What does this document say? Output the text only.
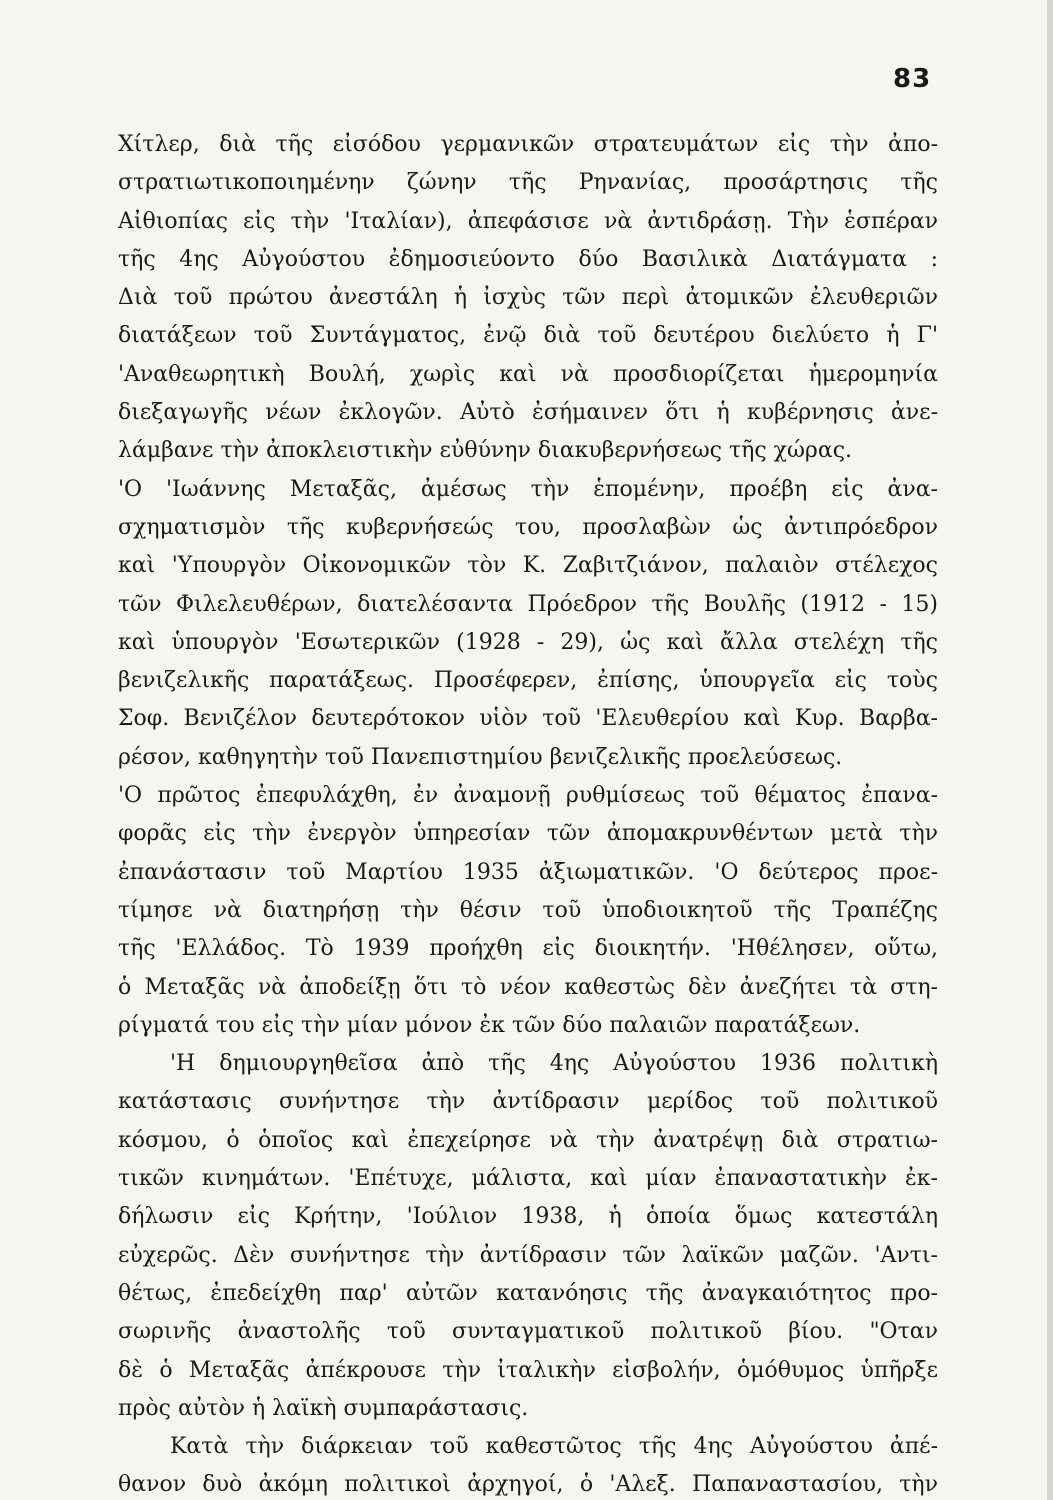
83
Χίτλερ, διὰ τῆς εἰσόδου γερμανικῶν στρατευμάτων εἰς τὴν ἀπο-
στρατιωτικοποιημένην ζώνην τῆς Ρηνανίας, προσάρτησις τῆς
Αἰθιοπίας εἰς τὴν 'Ιταλίαν), ἀπεφάσισε νὰ ἀντιδράσῃ. Τὴν ἑσπέραν
τῆς 4ης Αὐγούστου ἐδημοσιεύοντο δύο Βασιλικὰ Διατάγματα :
Διὰ τοῦ πρώτου ἀνεστάλη ἡ ἰσχὺς τῶν περὶ ἀτομικῶν ἐλευθεριῶν
διατάξεων τοῦ Συντάγματος, ἐνῷ διὰ τοῦ δευτέρου διελύετο ἡ Γ'
'Αναθεωρητικὴ Βουλή, χωρὶς καὶ νὰ προσδιορίζεται ἡμερομηνία
διεξαγωγῆς νέων ἐκλογῶν. Αὐτὸ ἐσήμαινεν ὅτι ἡ κυβέρνησις ἀνε-
λάμβανε τὴν ἀποκλειστικὴν εὐθύνην διακυβερνήσεως τῆς χώρας.
'Ο 'Ιωάννης Μεταξᾶς, ἀμέσως τὴν ἑπομένην, προέβη εἰς ἀνα-
σχηματισμὸν τῆς κυβερνήσεώς του, προσλαβὼν ὡς ἀντιπρόεδρον
καὶ 'Υπουργὸν Οἰκονομικῶν τὸν Κ. Ζαβιτζιάνον, παλαιὸν στέλεχος
τῶν Φιλελευθέρων, διατελέσαντα Πρόεδρον τῆς Βουλῆς (1912 - 15)
καὶ ὑπουργὸν 'Εσωτερικῶν (1928 - 29), ὡς καὶ ἄλλα στελέχη τῆς
βενιζελικῆς παρατάξεως. Προσέφερεν, ἐπίσης, ὑπουργεῖα εἰς τοὺς
Σοφ. Βενιζέλον δευτερότοκον υἱὸν τοῦ 'Ελευθερίου καὶ Κυρ. Βαρβα-
ρέσον, καθηγητὴν τοῦ Πανεπιστημίου βενιζελικῆς προελεύσεως.
'Ο πρῶτος ἐπεφυλάχθη, ἐν ἀναμονῇ ρυθμίσεως τοῦ θέματος ἐπανα-
φορᾶς εἰς τὴν ἐνεργὸν ὑπηρεσίαν τῶν ἀπομακρυνθέντων μετὰ τὴν
ἐπανάστασιν τοῦ Μαρτίου 1935 ἀξιωματικῶν. 'Ο δεύτερος προε-
τίμησε νὰ διατηρήσῃ τὴν θέσιν τοῦ ὑποδιοικητοῦ τῆς Τραπέζης
τῆς 'Ελλάδος. Τὸ 1939 προήχθη εἰς διοικητήν. 'Ηθέλησεν, οὕτω,
ὁ Μεταξᾶς νὰ ἀποδείξῃ ὅτι τὸ νέον καθεστὼς δὲν ἀνεζήτει τὰ στη-
ρίγματά του εἰς τὴν μίαν μόνον ἐκ τῶν δύο παλαιῶν παρατάξεων.
'Η δημιουργηθεῖσα ἀπὸ τῆς 4ης Αὐγούστου 1936 πολιτικὴ
κατάστασις συνήντησε τὴν ἀντίδρασιν μερίδος τοῦ πολιτικοῦ
κόσμου, ὁ ὁποῖος καὶ ἐπεχείρησε νὰ τὴν ἀνατρέψῃ διὰ στρατιω-
τικῶν κινημάτων. 'Επέτυχε, μάλιστα, καὶ μίαν ἐπαναστατικὴν ἐκ-
δήλωσιν εἰς Κρήτην, 'Ιούλιον 1938, ἡ ὁποία ὅμως κατεστάλη
εὐχερῶς. Δὲν συνήντησε τὴν ἀντίδρασιν τῶν λαϊκῶν μαζῶν. 'Αντι-
θέτως, ἐπεδείχθη παρ' αὐτῶν κατανόησις τῆς ἀναγκαιότητος προ-
σωρινῆς ἀναστολῆς τοῦ συνταγματικοῦ πολιτικοῦ βίου. "Οταν
δὲ ὁ Μεταξᾶς ἀπέκρουσε τὴν ἰταλικὴν εἰσβολήν, ὁμόθυμος ὑπῆρξε
πρὸς αὐτὸν ἡ λαϊκὴ συμπαράστασις.
Κατὰ τὴν διάρκειαν τοῦ καθεστῶτος τῆς 4ης Αὐγούστου ἀπέ-
θανον δυὸ ἀκόμη πολιτικοὶ ἀρχηγοί, ὁ 'Αλεξ. Παπαναστασίου, τὴν
